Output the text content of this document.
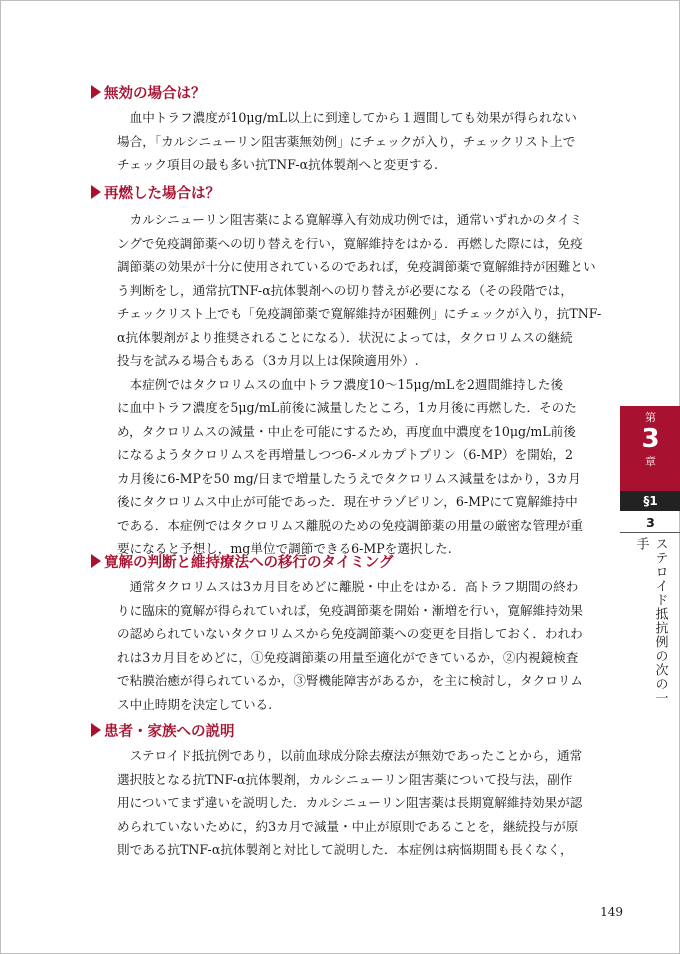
無効の場合は？
　血中トラフ濃度が10μg/mL以上に到達してから１週間しても効果が得られない
場合，「カルシニューリン阻害薬無効例」にチェックが入り，チェックリスト上で
チェック項目の最も多い抗TNF-α抗体製剤へと変更する.
再燃した場合は？
　カルシニューリン阻害薬による寛解導入有効成功例では，通常いずれかのタイミ
ングで免疫調節薬への切り替えを行い，寛解維持をはかる．再燃した際には，免疫
調節薬の効果が十分に使用されているのであれば，免疫調節薬で寛解維持が困難とい
う判断をし，通常抗TNF-α抗体製剤への切り替えが必要になる（その段階では，
チェックリスト上でも「免疫調節薬で寛解維持が困難例」にチェックが入り，抗TNF-
α抗体製剤がより推奨されることになる）．状況によっては，タクロリムスの継続
投与を試みる場合もある（3カ月以上は保険適用外）.
　本症例ではタクロリムスの血中トラフ濃度10～15μg/mLを2週間維持した後
に血中トラフ濃度を5μg/mL前後に減量したところ，1カ月後に再燃した．そのた
め，タクロリムスの減量・中止を可能にするため，再度血中濃度を10μg/mL前後
になるようタクロリムスを再増量しつつ6-メルカプトプリン（6-MP）を開始，2
カ月後に6-MPを50 mg/日まで増量したうえでタクロリムス減量をはかり，3カ月
後にタクロリムス中止が可能であった．現在サラゾピリン，6-MPにて寛解維持中
である．本症例ではタクロリムス離脱のための免疫調節薬の用量の厳密な管理が重
要になると予想し，mg単位で調節できる6-MPを選択した.
寛解の判断と維持療法への移行のタイミング
　通常タクロリムスは3カ月目をめどに離脱・中止をはかる．高トラフ期間の終わ
りに臨床的寛解が得られていれば，免疫調節薬を開始・漸増を行い，寛解維持効果
の認められていないタクロリムスから免疫調節薬への変更を目指しておく．われわ
れは3カ月目をめどに，①免疫調節薬の用量至適化ができているか，②内視鏡検査
で粘膜治癒が得られているか，③腎機能障害があるか，を主に検討し，タクロリム
ス中止時期を決定している.
患者・家族への説明
　ステロイド抵抗例であり，以前血球成分除去療法が無効であったことから，通常
選択肢となる抗TNF-α抗体製剤，カルシニューリン阻害薬について投与法，副作
用についてまず違いを説明した．カルシニューリン阻害薬は長期寛解維持効果が認
められていないために，約3カ月で減量・中止が原則であることを，継続投与が原
則である抗TNF-α抗体製剤と対比して説明した．本症例は病悩期間も長くなく，
第
3
章
§1
3
ステロイド抵抗例の次の一手
149
